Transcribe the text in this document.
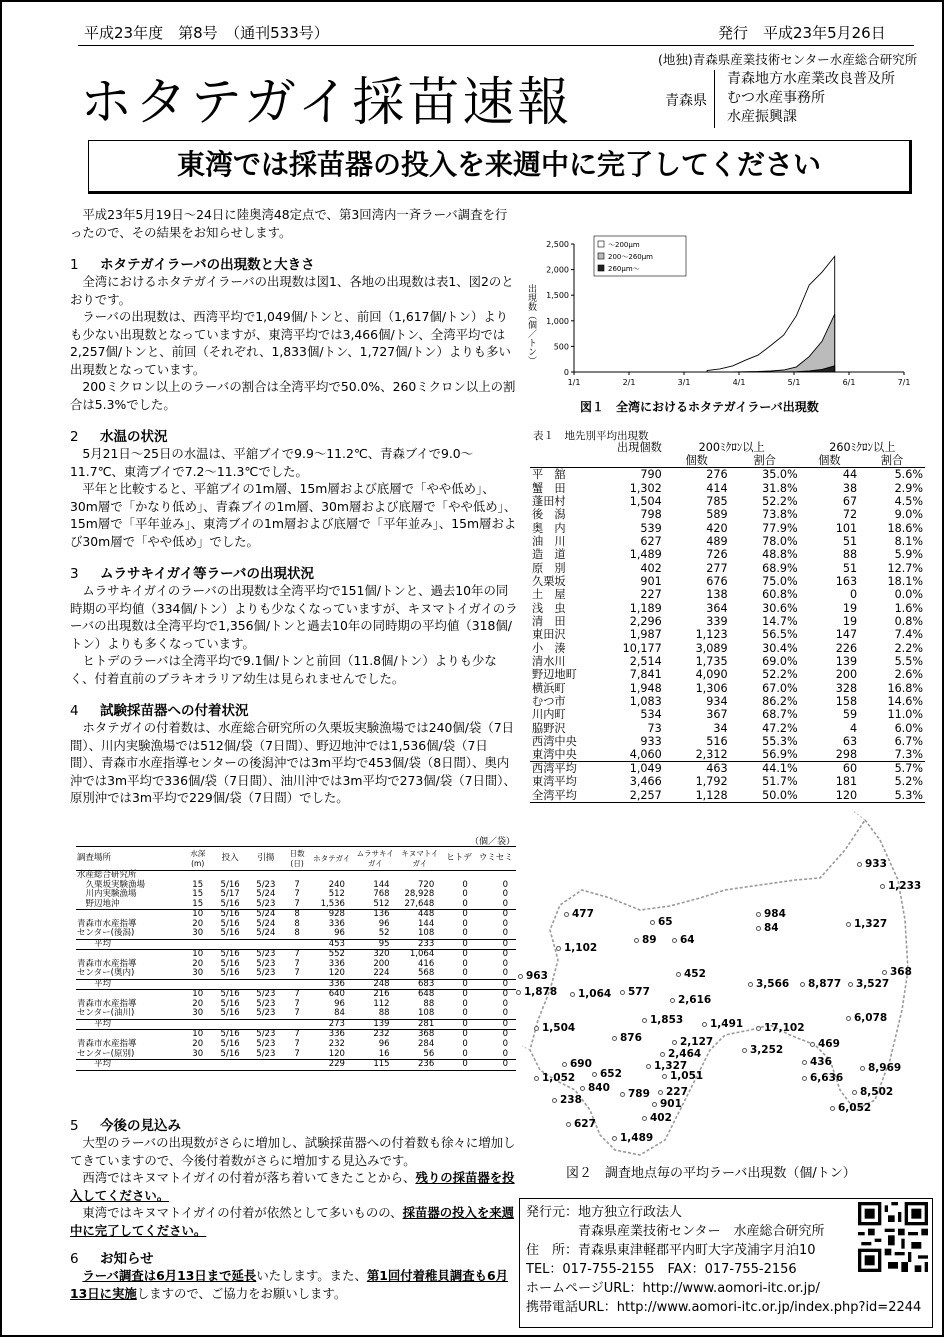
平成23年度　第8号　（通刊533号）	発行　平成23年5月26日
(地独)青森県産業技術センター水産総合研究所
ホタテガイ採苗速報	青森県
青森地方水産業改良普及所
むつ水産事務所
水産振興課
東湾では採苗器の投入を来週中に完了してください

平成23年5月19日～24日に陸奥湾48定点で、第3回湾内一斉ラーバ調査を行ったので、その結果をお知らせします。

1 ホタテガイラーバの出現数と大きさ

全湾におけるホタテガイラーバの出現数は図1、各地の出現数は表1、図2のとおりです。

ラーバの出現数は、西湾平均で1,049個/トンと、前回（1,617個/トン）よりも少ない出現数となっていますが、東湾平均では3,466個/トン、全湾平均では2,257個/トンと、前回（それぞれ、1,833個/トン、1,727個/トン）よりも多い出現数となっています。

200ミクロン以上のラーバの割合は全湾平均で50.0%、260ミクロン以上の割合は5.3%でした。

2 水温の状況

5月21日～25日の水温は、平舘ブイで9.9～11.2℃、青森ブイで9.0～11.7℃、東湾ブイで7.2～11.3℃でした。

平年と比較すると、平舘ブイの1m層、15m層および底層で「やや低め」、30m層で「かなり低め」、青森ブイの1m層、30m層および底層で「やや低め」、15m層で「平年並み」、東湾ブイの1m層および底層で「平年並み」、15m層および30m層で「やや低め」でした。

3 ムラサキイガイ等ラーバの出現状況

ムラサキイガイのラーバの出現数は全湾平均で151個/トンと、過去10年の同時期の平均値（334個/トン）よりも少なくなっていますが、キヌマトイガイのラーバの出現数は全湾平均で1,356個/トンと過去10年の同時期の平均値（318個/トン）よりも多くなっています。

ヒトデのラーバは全湾平均で9.1個/トンと前回（11.8個/トン）よりも少なく、付着直前のブラキオラリア幼生は見られませんでした。

4 試験採苗器への付着状況

ホタテガイの付着数は、水産総合研究所の久栗坂実験漁場では240個/袋（7日間）、川内実験漁場では512個/袋（7日間）、野辺地沖では1,536個/袋（7日間）、青森市水産指導センターの後潟沖では3m平均で453個/袋（8日間）、奥内沖では3m平均で336個/袋（7日間）、油川沖では3m平均で273個/袋（7日間）、原別沖では3m平均で229個/袋（7日間）でした。

（個／袋）
調査場所	水深(m)	投入	引揚	日数(日)	ホタテガイ	ムラサキイガイ	キヌマトイガイ	ヒトデ	ウミセミ
水産総合研究所									
　久栗坂実験漁場	15	5/16	5/23	7	240	144	720	0	0
　川内実験漁場	15	5/17	5/24	7	512	768	28,928	0	0
　野辺地沖	15	5/16	5/23	7	1,536	512	27,648	0	0
	10	5/16	5/24	8	928	136	448	0	0
青森市水産指導	20	5/16	5/24	8	336	96	144	0	0
センター(後潟)	30	5/16	5/24	8	96	52	108	0	0
　　平均					453	95	233	0	0
	10	5/16	5/23	7	552	320	1,064	0	0
青森市水産指導	20	5/16	5/23	7	336	200	416	0	0
センター(奥内)	30	5/16	5/23	7	120	224	568	0	0
　　平均					336	248	683	0	0
	10	5/16	5/23	7	640	216	648	0	0
青森市水産指導	20	5/16	5/23	7	96	112	88	0	0
センター(油川)	30	5/16	5/23	7	84	88	108	0	0
　　平均					273	139	281	0	0
	10	5/16	5/23	7	336	232	368	0	0
青森市水産指導	20	5/16	5/23	7	232	96	284	0	0
センター(原別)	30	5/16	5/23	7	120	16	56	0	0
　　平均					229	115	236	0	0
5 今後の見込み

大型のラーバの出現数がさらに増加し、試験採苗器への付着数も徐々に増加してきていますので、今後付着数がさらに増加する見込みです。

西湾ではキヌマトイガイの付着が落ち着いてきたことから、残りの採苗器を投入してください。

東湾ではキヌマトイガイの付着が依然として多いものの、採苗器の投入を来週中に完了してください。

6 お知らせ

ラーバ調査は6月13日まで延長いたします。また、第1回付着稚貝調査も6月13日に実施しますので、ご協力をお願いします。

2,500
2,000
1,500
1,000
500
0
1/1	2/1	3/1	4/1	5/1	6/1	7/1
～200μm
200～260μm
260μm～
出現数（個／トン）
図１　全湾におけるホタテガイラーバ出現数
表１　地先別平均出現数
	出現個数	200ﾐｸﾛﾝ以上		260ﾐｸﾛﾝ以上	
		個数	割合	個数	割合
平　舘	790	276	35.0%	44	5.6%
蟹　田	1,302	414	31.8%	38	2.9%
蓬田村	1,504	785	52.2%	67	4.5%
後　潟	798	589	73.8%	72	9.0%
奥　内	539	420	77.9%	101	18.6%
油　川	627	489	78.0%	51	8.1%
造　道	1,489	726	48.8%	88	5.9%
原　別	402	277	68.9%	51	12.7%
久栗坂	901	676	75.0%	163	18.1%
土　屋	227	138	60.8%	0	0.0%
浅　虫	1,189	364	30.6%	19	1.6%
清　田	2,296	339	14.7%	19	0.8%
東田沢	1,987	1,123	56.5%	147	7.4%
小　湊	10,177	3,089	30.4%	226	2.2%
清水川	2,514	1,735	69.0%	139	5.5%
野辺地町	7,841	4,090	52.2%	200	2.6%
横浜町	1,948	1,306	67.0%	328	16.8%
むつ市	1,083	934	86.2%	158	14.6%
川内町	534	367	68.7%	59	11.0%
脇野沢	73	34	47.2%	4	6.0%
西湾中央	933	516	55.3%	63	6.7%
東湾中央	4,060	2,312	56.9%	298	7.3%
西湾平均	1,049	463	44.1%	60	5.7%
東湾平均	3,466	1,792	51.7%	181	5.2%
全湾平均	2,257	1,128	50.0%	120	5.3%
933
1,233
477	984
1,327
65	84
89 64
1,102
368
963	452
3,566 8,877 3,527
1,878 1,064 577
2,616
1,504
6,078
1,853	1,491 17,102
876	2,127	469
3,252
2,464
436
690	1,327
6,636
8,969
652	1,051
1,052
840	227	8,502
789
238	901	6,052
402
627
1,489
図２　調査地点毎の平均ラーバ出現数（個/トン）
発行元：地方独立行政法人
　　　　青森県産業技術センター　水産総合研究所
住　所：青森県東津軽郡平内町大字茂浦字月泊10
TEL：017-755-2155　FAX：017-755-2156
ホームページURL：http://www.aomori-itc.or.jp/
携帯電話URL：http://www.aomori-itc.or.jp/index.php?id=2244
